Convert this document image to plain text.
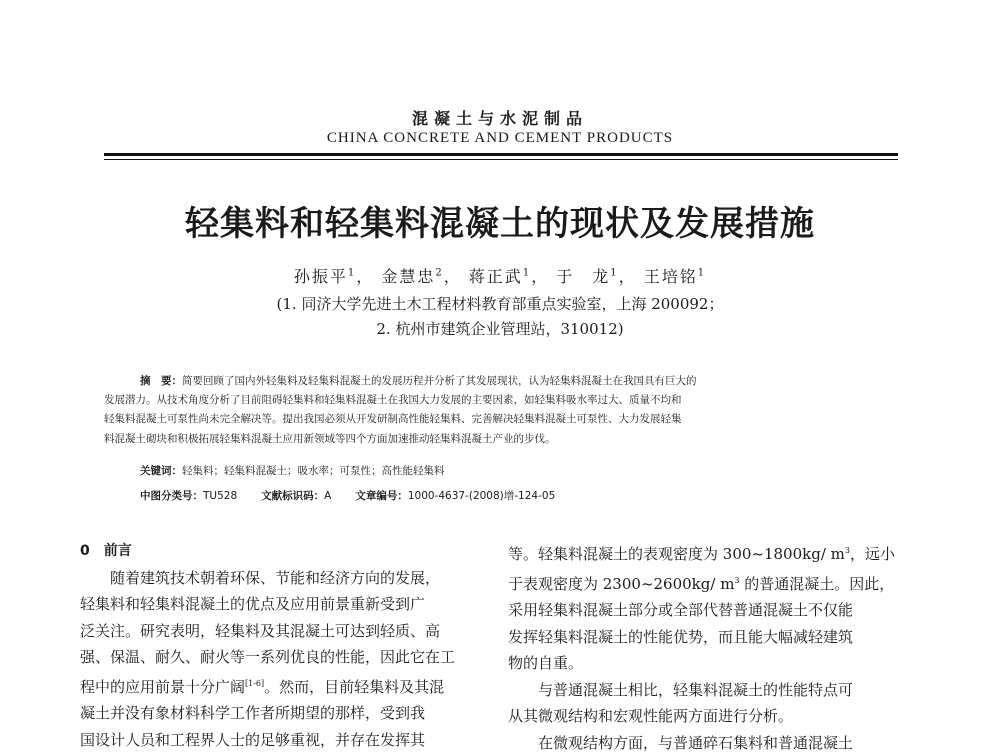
混凝土与水泥制品
CHINA CONCRETE AND CEMENT PRODUCTS
轻集料和轻集料混凝土的现状及发展措施
孙振平$^1$， 金慧忠$^2$， 蒋正武$^1$， 于　龙$^1$， 王培铭$^1$
(1. 同济大学先进土木工程材料教育部重点实验室，上海 200092；
2. 杭州市建筑企业管理站，310012)
摘　要：简要回顾了国内外轻集料及轻集料混凝土的发展历程并分析了其发展现状，认为轻集料混凝土在我国具有巨大的
发展潜力。从技术角度分析了目前阻碍轻集料和轻集料混凝土在我国大力发展的主要因素，如轻集料吸水率过大、质量不均和
轻集料混凝土可泵性尚未完全解决等。提出我国必须从开发研制高性能轻集料、完善解决轻集料混凝土可泵性、大力发展轻集
料混凝土砌块和积极拓展轻集料混凝土应用新领域等四个方面加速推动轻集料混凝土产业的步伐。
关键词：轻集料；轻集料混凝土；吸水率；可泵性；高性能轻集料
中图分类号：TU528 文献标识码：A 文章编号：1000-4637-(2008)增-124-05
0　前言
随着建筑技术朝着环保、节能和经济方向的发展，
轻集料和轻集料混凝土的优点及应用前景重新受到广
泛关注。研究表明，轻集料及其混凝土可达到轻质、高
强、保温、耐久、耐火等一系列优良的性能，因此它在工
程中的应用前景十分广阔[1-6]。然而，目前轻集料及其混
凝土并没有象材料科学工作者所期望的那样，受到我
国设计人员和工程界人士的足够重视，并存在发挥其
等。轻集料混凝土的表观密度为 300~1800kg/ $m^3$，远小
于表观密度为 2300~2600kg/ $m^3$ 的普通混凝土。因此，
采用轻集料混凝土部分或全部代替普通混凝土不仅能
发挥轻集料混凝土的性能优势，而且能大幅减轻建筑
物的自重。
与普通混凝土相比，轻集料混凝土的性能特点可
从其微观结构和宏观性能两方面进行分析。
在微观结构方面，与普通碎石集料和普通混凝土
